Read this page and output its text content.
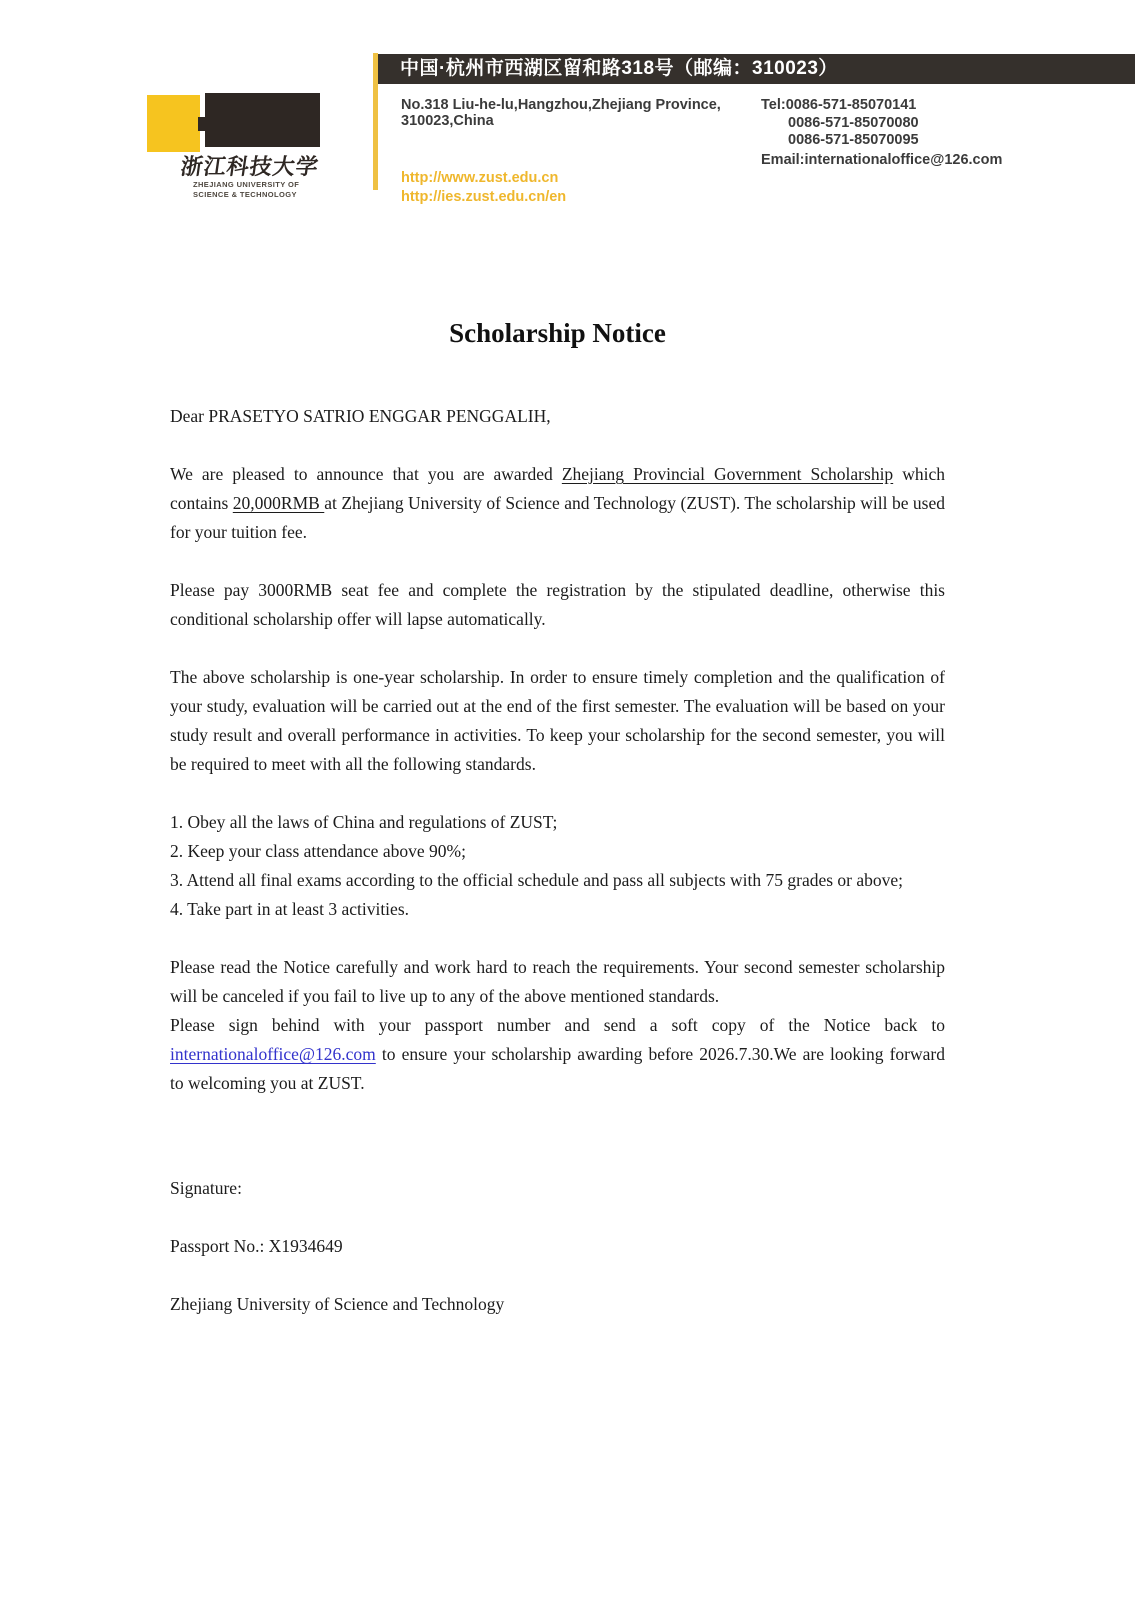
浙江科技大学
ZHEJIANG UNIVERSITY OF
SCIENCE & TECHNOLOGY
中国·杭州市西湖区留和路318号（邮编：310023）
No.318 Liu-he-lu,Hangzhou,Zhejiang Province,
310023,China
http://www.zust.edu.cn
http://ies.zust.edu.cn/en
Tel:0086-571-85070141
0086-571-85070080
0086-571-85070095
Email:internationaloffice@126.com
Scholarship Notice

Dear PRASETYO SATRIO ENGGAR PENGGALIH,

We are pleased to announce that you are awarded Zhejiang Provincial Government Scholarship which contains 20,000RMB at Zhejiang University of Science and Technology (ZUST). The scholarship will be used for your tuition fee.

Please pay 3000RMB seat fee and complete the registration by the stipulated deadline, otherwise this conditional scholarship offer will lapse automatically.

The above scholarship is one-year scholarship. In order to ensure timely completion and the qualification of your study, evaluation will be carried out at the end of the first semester. The evaluation will be based on your study result and overall performance in activities. To keep your scholarship for the second semester, you will be required to meet with all the following standards.

1. Obey all the laws of China and regulations of ZUST;

2. Keep your class attendance above 90%;

3. Attend all final exams according to the official schedule and pass all subjects with 75 grades or above;

4. Take part in at least 3 activities.

Please read the Notice carefully and work hard to reach the requirements. Your second semester scholarship will be canceled if you fail to live up to any of the above mentioned standards.

Please sign behind with your passport number and send a soft copy of the Notice back to internationaloffice@126.com to ensure your scholarship awarding before 2026.7.30.We are looking forward to welcoming you at ZUST.

Signature:

Passport No.: X1934649

Zhejiang University of Science and Technology
